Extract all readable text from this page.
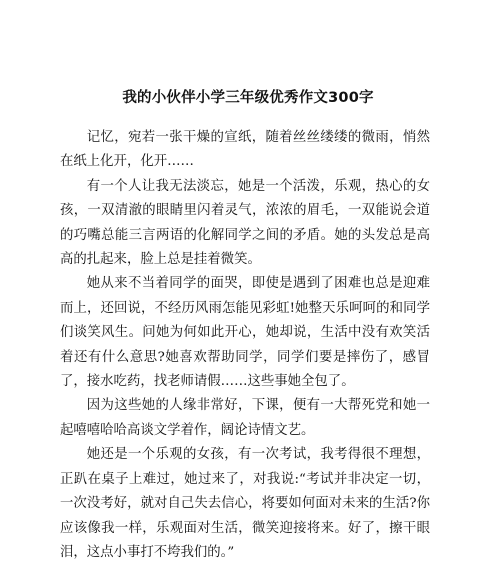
我的小伙伴小学三年级优秀作文300字

记忆，宛若一张干燥的宣纸，随着丝丝缕缕的微雨，悄然在纸上化开，化开……

有一个人让我无法淡忘，她是一个活泼，乐观，热心的女孩，一双清澈的眼睛里闪着灵气，浓浓的眉毛，一双能说会道的巧嘴总能三言两语的化解同学之间的矛盾。她的头发总是高高的扎起来，脸上总是挂着微笑。

她从来不当着同学的面哭，即使是遇到了困难也总是迎难而上，还回说，不经历风雨怎能见彩虹!她整天乐呵呵的和同学们谈笑风生。问她为何如此开心，她却说，生活中没有欢笑活着还有什么意思?她喜欢帮助同学，同学们要是摔伤了，感冒了，接水吃药，找老师请假……这些事她全包了。

因为这些她的人缘非常好，下课，便有一大帮死党和她一起嘻嘻哈哈高谈文学着作，阔论诗情文艺。

她还是一个乐观的女孩，有一次考试，我考得很不理想，正趴在桌子上难过，她过来了，对我说:“考试并非决定一切，一次没考好，就对自己失去信心，将要如何面对未来的生活?你应该像我一样，乐观面对生活，微笑迎接将来。好了，擦干眼泪，这点小事打不垮我们的。”
